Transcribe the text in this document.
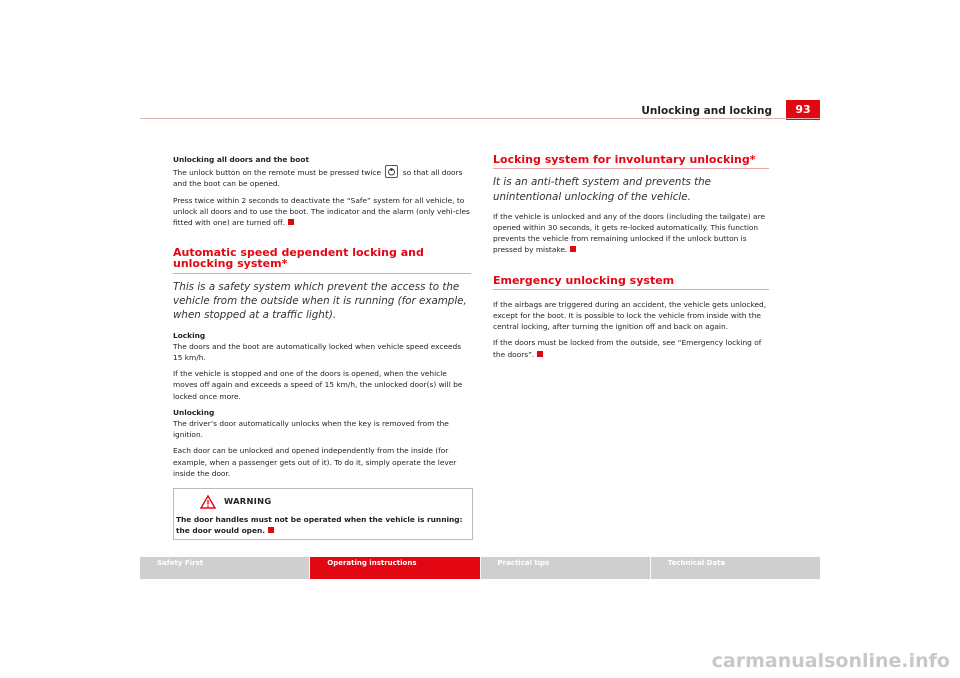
Unlocking and locking	93

Unlocking all doors and the boot

The unlock button on the remote must be pressed twice	so that all doors and the boot can be opened.

Press twice within 2 seconds to deactivate the “Safe” system for all vehicle, to unlock all doors and to use the boot. The indicator and the alarm (only vehi-cles fitted with one) are turned off.

Automatic speed dependent locking and unlocking system*

This is a safety system which prevent the access to the vehicle from the outside when it is running (for example, when stopped at a traffic light).

Locking

The doors and the boot are automatically locked when vehicle speed exceeds 15 km/h.

If the vehicle is stopped and one of the doors is opened, when the vehicle moves off again and exceeds a speed of 15 km/h, the unlocked door(s) will be locked once more.

Unlocking

The driver’s door automatically unlocks when the key is removed from the ignition.

Each door can be unlocked and opened independently from the inside (for example, when a passenger gets out of it). To do it, simply operate the lever inside the door.

WARNING
The door handles must not be operated when the vehicle is running: the door would open.
Locking system for involuntary unlocking*

It is an anti-theft system and prevents the unintentional unlocking of the vehicle.

If the vehicle is unlocked and any of the doors (including the tailgate) are opened within 30 seconds, it gets re-locked automatically. This function prevents the vehicle from remaining unlocked if the unlock button is pressed by mistake.

Emergency unlocking system

If the airbags are triggered during an accident, the vehicle gets unlocked, except for the boot. It is possible to lock the vehicle from inside with the central locking, after turning the ignition off and back on again.

If the doors must be locked from the outside, see “Emergency locking of the doors”.

Safety First	Operating instructions	Practical tips	Technical Data
carmanualsonline.info
